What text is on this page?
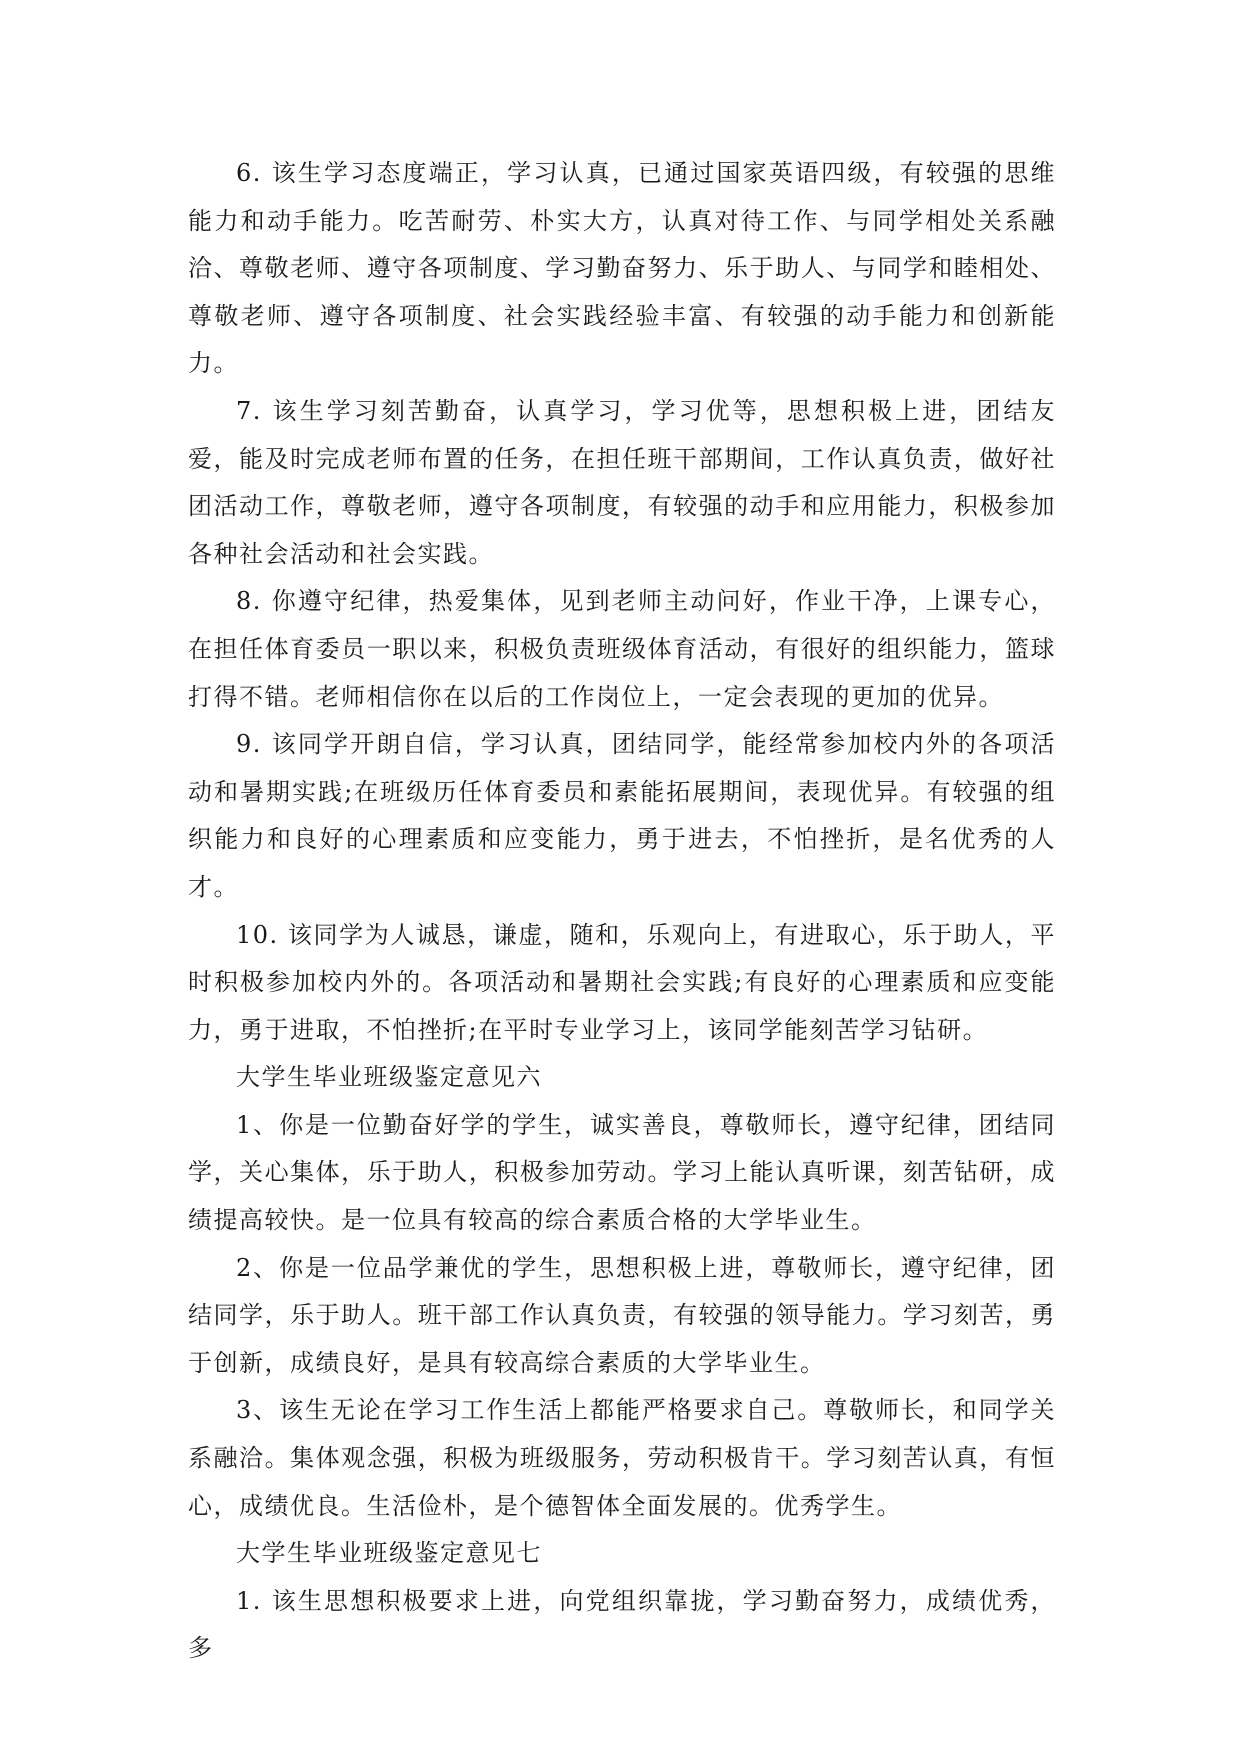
6. 该生学习态度端正，学习认真，已通过国家英语四级，有较强的思维能力和动手能力。吃苦耐劳、朴实大方，认真对待工作、与同学相处关系融洽、尊敬老师、遵守各项制度、学习勤奋努力、乐于助人、与同学和睦相处、尊敬老师、遵守各项制度、社会实践经验丰富、有较强的动手能力和创新能力。

7. 该生学习刻苦勤奋，认真学习，学习优等，思想积极上进，团结友爱，能及时完成老师布置的任务，在担任班干部期间，工作认真负责，做好社团活动工作，尊敬老师，遵守各项制度，有较强的动手和应用能力，积极参加各种社会活动和社会实践。

8. 你遵守纪律，热爱集体，见到老师主动问好，作业干净，上课专心，在担任体育委员一职以来，积极负责班级体育活动，有很好的组织能力，篮球打得不错。老师相信你在以后的工作岗位上，一定会表现的更加的优异。

9. 该同学开朗自信，学习认真，团结同学，能经常参加校内外的各项活动和暑期实践;在班级历任体育委员和素能拓展期间，表现优异。有较强的组织能力和良好的心理素质和应变能力，勇于进去，不怕挫折，是名优秀的人才。

10. 该同学为人诚恳，谦虚，随和，乐观向上，有进取心，乐于助人，平时积极参加校内外的。各项活动和暑期社会实践;有良好的心理素质和应变能力，勇于进取，不怕挫折;在平时专业学习上，该同学能刻苦学习钻研。

大学生毕业班级鉴定意见六

1、你是一位勤奋好学的学生，诚实善良，尊敬师长，遵守纪律，团结同学，关心集体，乐于助人，积极参加劳动。学习上能认真听课，刻苦钻研，成绩提高较快。是一位具有较高的综合素质合格的大学毕业生。

2、你是一位品学兼优的学生，思想积极上进，尊敬师长，遵守纪律，团结同学，乐于助人。班干部工作认真负责，有较强的领导能力。学习刻苦，勇于创新，成绩良好，是具有较高综合素质的大学毕业生。

3、该生无论在学习工作生活上都能严格要求自己。尊敬师长，和同学关系融洽。集体观念强，积极为班级服务，劳动积极肯干。学习刻苦认真，有恒心，成绩优良。生活俭朴，是个德智体全面发展的。优秀学生。

大学生毕业班级鉴定意见七

1. 该生思想积极要求上进，向党组织靠拢，学习勤奋努力，成绩优秀，多
